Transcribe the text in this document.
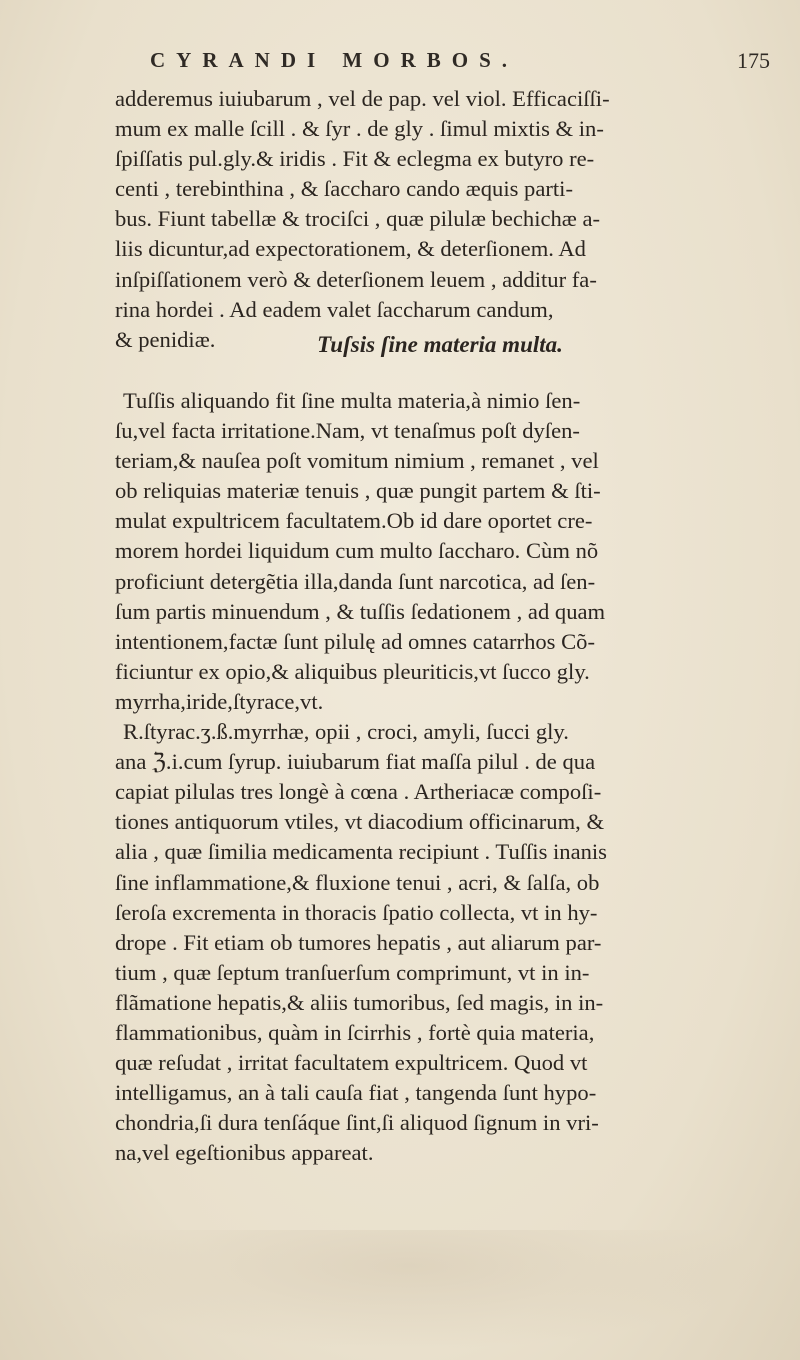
CYRANDI MORBOS.	175
adderemus iuiubarum , vel de pap. vel viol. Efficaciſſi-
mum ex malle ſcill . & ſyr . de gly . ſimul mixtis & in-
ſpiſſatis pul.gly.& iridis . Fit & eclegma ex butyro re-
centi , terebinthina , & ſaccharo cando æquis parti-
bus. Fiunt tabellæ & trociſci , quæ pilulæ bechichæ a-
liis dicuntur,ad expectorationem, & deterſionem. Ad
inſpiſſationem verò & deterſionem leuem , additur fa-
rina hordei . Ad eadem valet ſaccharum candum,
& penidiæ.	Tuſsis ſine materia multa.
Tuſſis aliquando fit ſine multa materia,à nimio ſen-
ſu,vel facta irritatione.Nam, vt tenaſmus poſt dyſen-
teriam,& nauſea poſt vomitum nimium , remanet , vel
ob reliquias materiæ tenuis , quæ pungit partem & ſti-
mulat expultricem facultatem.Ob id dare oportet cre-
morem hordei liquidum cum multo ſaccharo. Cùm nõ
proficiunt detergẽtia illa,danda ſunt narcotica, ad ſen-
ſum partis minuendum , & tuſſis ſedationem , ad quam
intentionem,factæ ſunt pilulę ad omnes catarrhos Cõ-
ficiuntur ex opio,& aliquibus pleuriticis,vt ſucco gly.
myrrha,iride,ſtyrace,vt.
R.ſtyrac.ʒ.ß.myrrhæ, opii , croci, amyli, ſucci gly.
ana ℨ.i.cum ſyrup. iuiubarum fiat maſſa pilul . de qua
capiat pilulas tres longè à cœna . Artheriacæ compoſi-
tiones antiquorum vtiles, vt diacodium officinarum, &
alia , quæ ſimilia medicamenta recipiunt . Tuſſis inanis
ſine inflammatione,& fluxione tenui , acri, & ſalſa, ob
ſeroſa excrementa in thoracis ſpatio collecta, vt in hy-
drope . Fit etiam ob tumores hepatis , aut aliarum par-
tium , quæ ſeptum tranſuerſum comprimunt, vt in in-
flãmatione hepatis,& aliis tumoribus, ſed magis, in in-
flammationibus, quàm in ſcirrhis , fortè quia materia,
quæ reſudat , irritat facultatem expultricem. Quod vt
intelligamus, an à tali cauſa fiat , tangenda ſunt hypo-
chondria,ſi dura tenſáque ſint,ſi aliquod ſignum in vri-
na,vel egeſtionibus appareat.
